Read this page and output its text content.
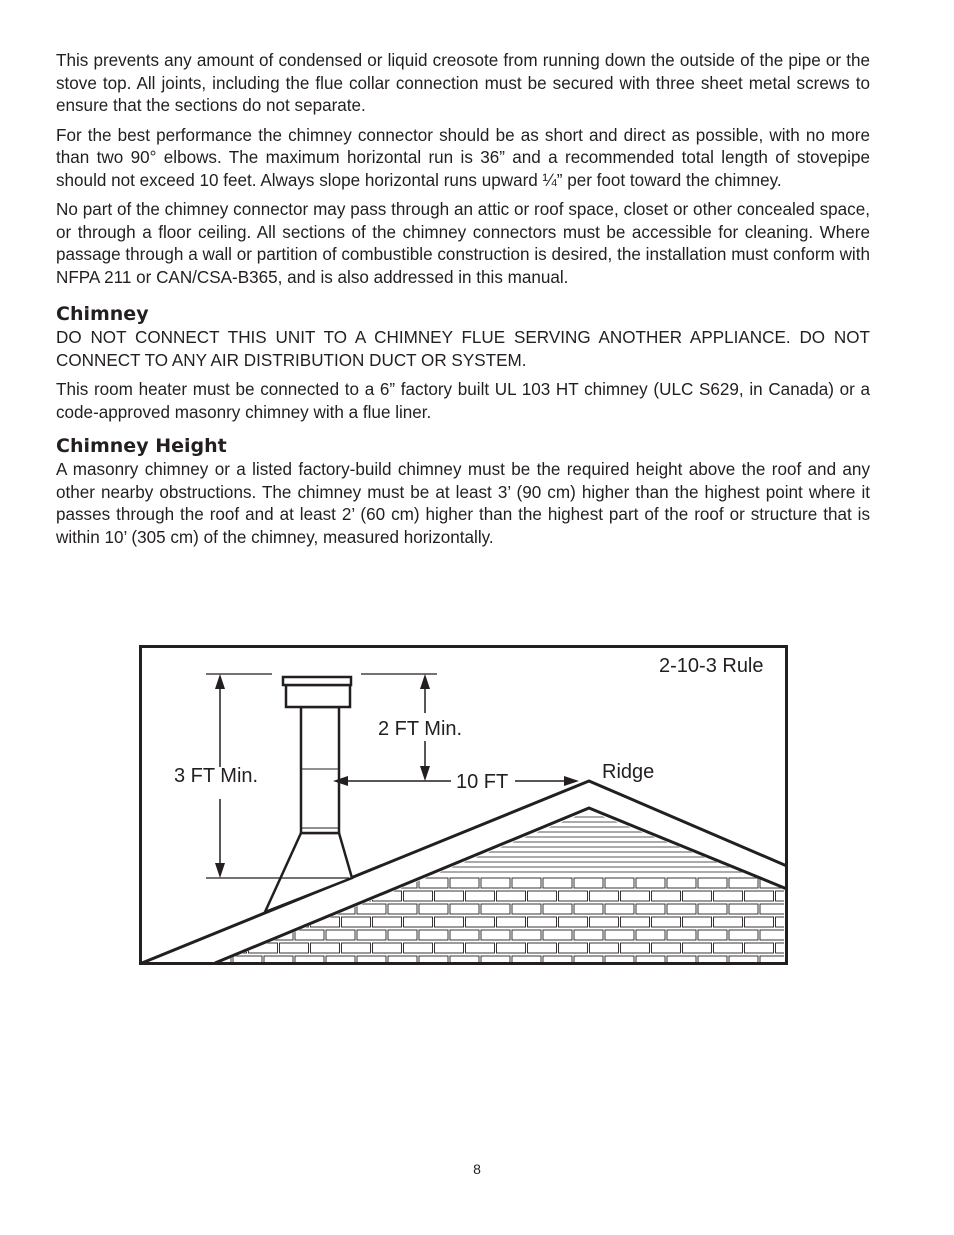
This prevents any amount of condensed or liquid creosote from running down the outside of the pipe or the stove top. All joints, including the flue collar connection must be secured with three sheet metal screws to ensure that the sections do not separate.

For the best performance the chimney connector should be as short and direct as possible, with no more than two 90° elbows. The maximum horizontal run is 36” and a recommended total length of stovepipe should not exceed 10 feet. Always slope horizontal runs upward ¼” per foot toward the chimney.

No part of the chimney connector may pass through an attic or roof space, closet or other concealed space, or through a floor ceiling. All sections of the chimney connectors must be accessible for cleaning. Where passage through a wall or partition of combustible construction is desired, the installation must conform with NFPA 211 or CAN/CSA-B365, and is also addressed in this manual.

Chimney

DO NOT CONNECT THIS UNIT TO A CHIMNEY FLUE SERVING ANOTHER APPLIANCE. DO NOT CONNECT TO ANY AIR DISTRIBUTION DUCT OR SYSTEM.

This room heater must be connected to a 6” factory built UL 103 HT chimney (ULC S629, in Canada) or a code-approved masonry chimney with a flue liner.

Chimney Height

A masonry chimney or a listed factory-build chimney must be the required height above the roof and any other nearby obstructions. The chimney must be at least 3’ (90 cm) higher than the highest point where it passes through the roof and at least 2’ (60 cm) higher than the highest part of the roof or structure that is within 10’ (305 cm) of the chimney, measured horizontally.

2-10-3 Rule
3 FT Min.
2 FT Min.
10 FT	Ridge
8
